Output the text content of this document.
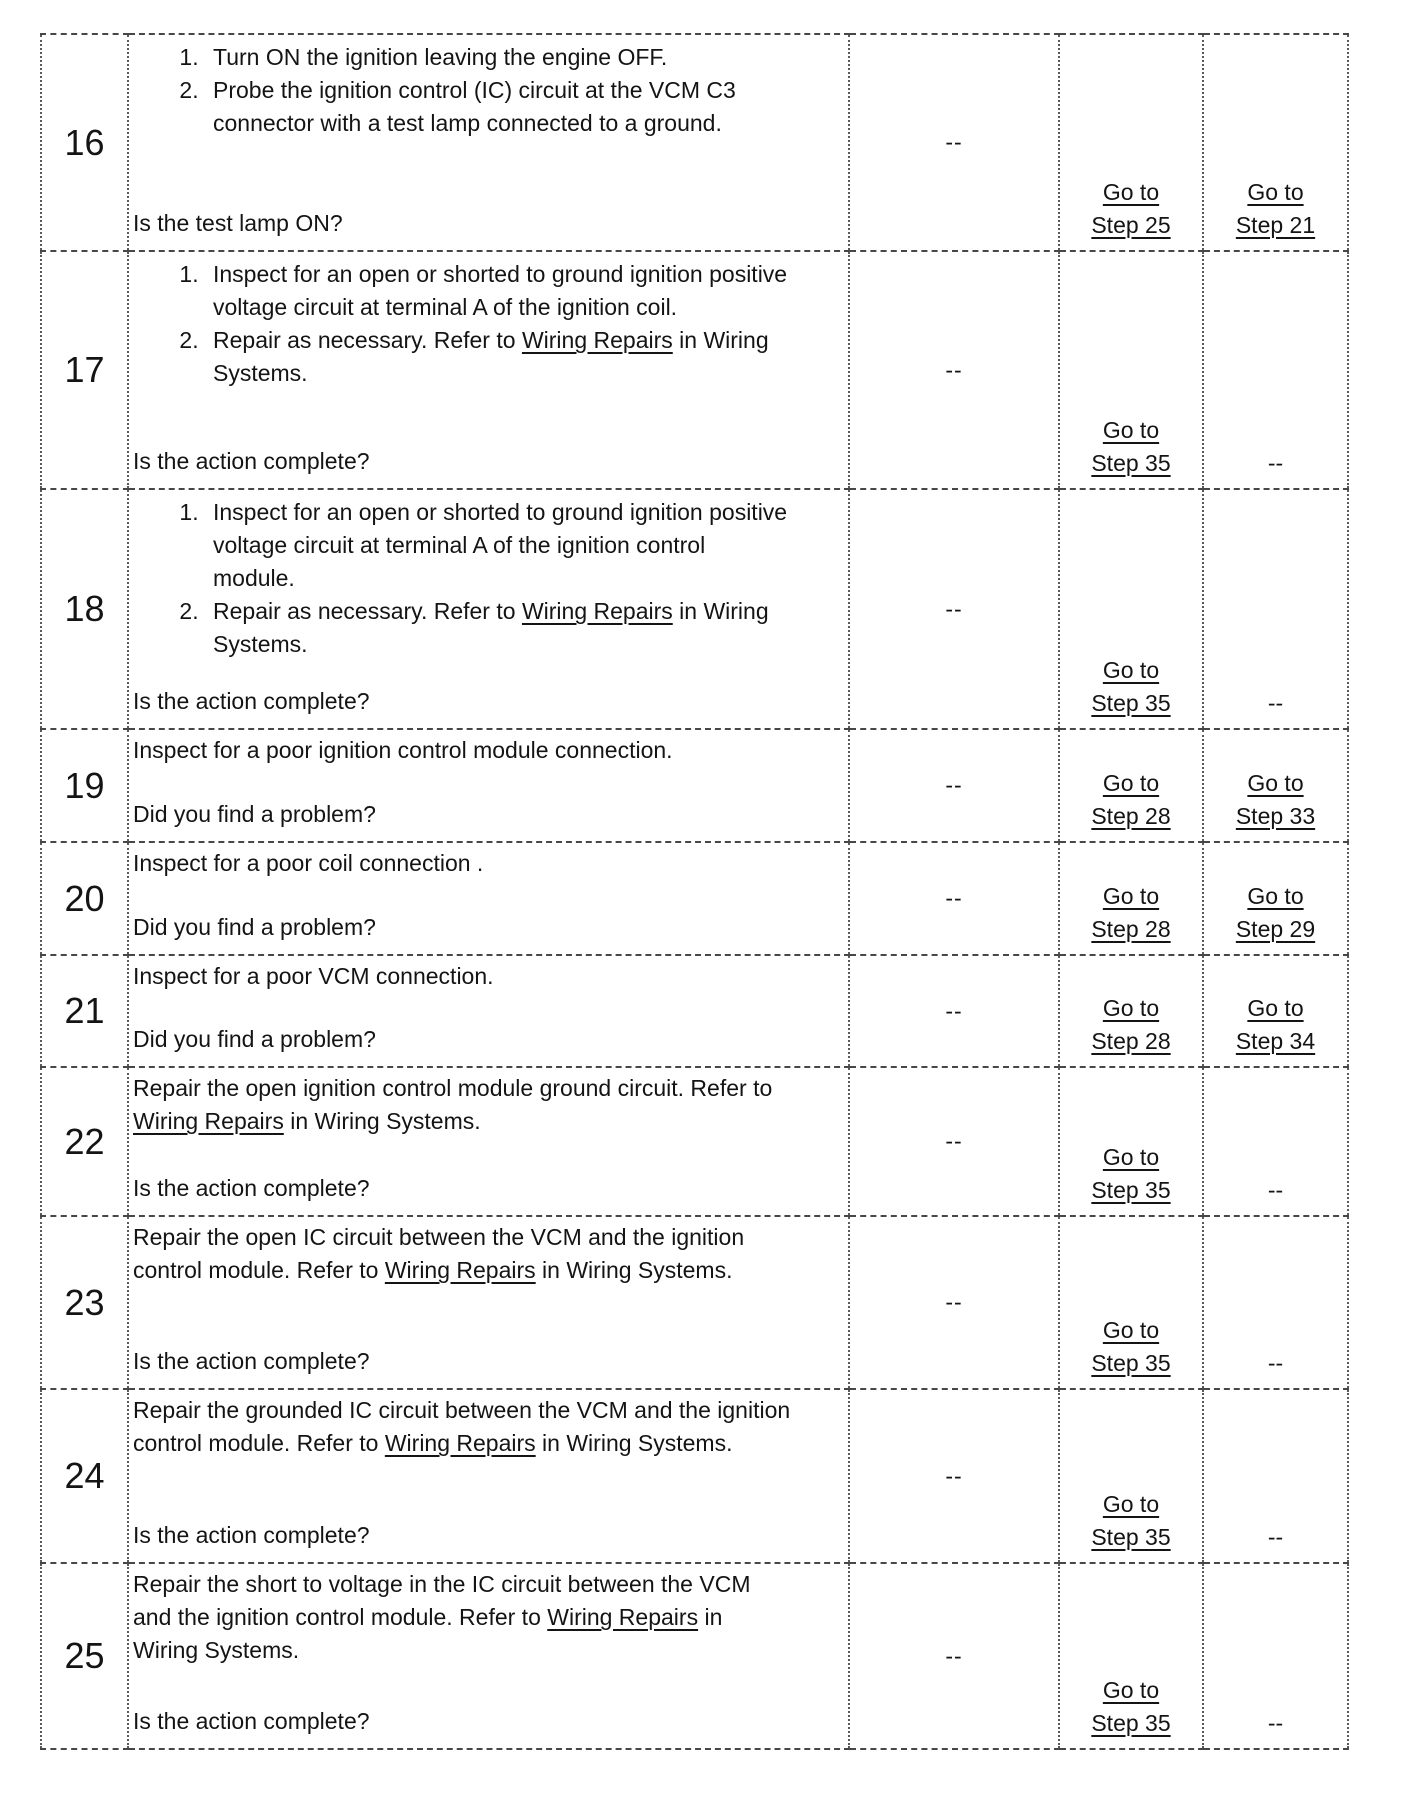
16	
1. Turn ON the ignition leaving the engine OFF.
2. Probe the ignition control (IC) circuit at the VCM C3 connector with a test lamp connected to a ground.

Is the test lamp ON?

	--	Go to Step 25	Go to Step 21
17	
1. Inspect for an open or shorted to ground ignition positive voltage circuit at terminal A of the ignition coil.
2. Repair as necessary. Refer to Wiring Repairs in Wiring Systems.

Is the action complete?

	--	Go to Step 35	--
18	
1. Inspect for an open or shorted to ground ignition positive voltage circuit at terminal A of the ignition control module.
2. Repair as necessary. Refer to Wiring Repairs in Wiring Systems.

Is the action complete?

	--	Go to Step 35	--
19	Inspect for a poor ignition control module connection.

Did you find a problem?	--	Go to Step 28	Go to Step 33
20	Inspect for a poor coil connection .

Did you find a problem?	--	Go to Step 28	Go to Step 29
21	Inspect for a poor VCM connection.

Did you find a problem?	--	Go to Step 28	Go to Step 34
22	Repair the open ignition control module ground circuit. Refer to Wiring Repairs in Wiring Systems.

Is the action complete?	--	Go to Step 35	--
23	Repair the open IC circuit between the VCM and the ignition control module. Refer to Wiring Repairs in Wiring Systems.

Is the action complete?	--	Go to Step 35	--
24	Repair the grounded IC circuit between the VCM and the ignition control module. Refer to Wiring Repairs in Wiring Systems.

Is the action complete?	--	Go to Step 35	--
25	Repair the short to voltage in the IC circuit between the VCM and the ignition control module. Refer to Wiring Repairs in Wiring Systems.

Is the action complete?	--	Go to Step 35	--
